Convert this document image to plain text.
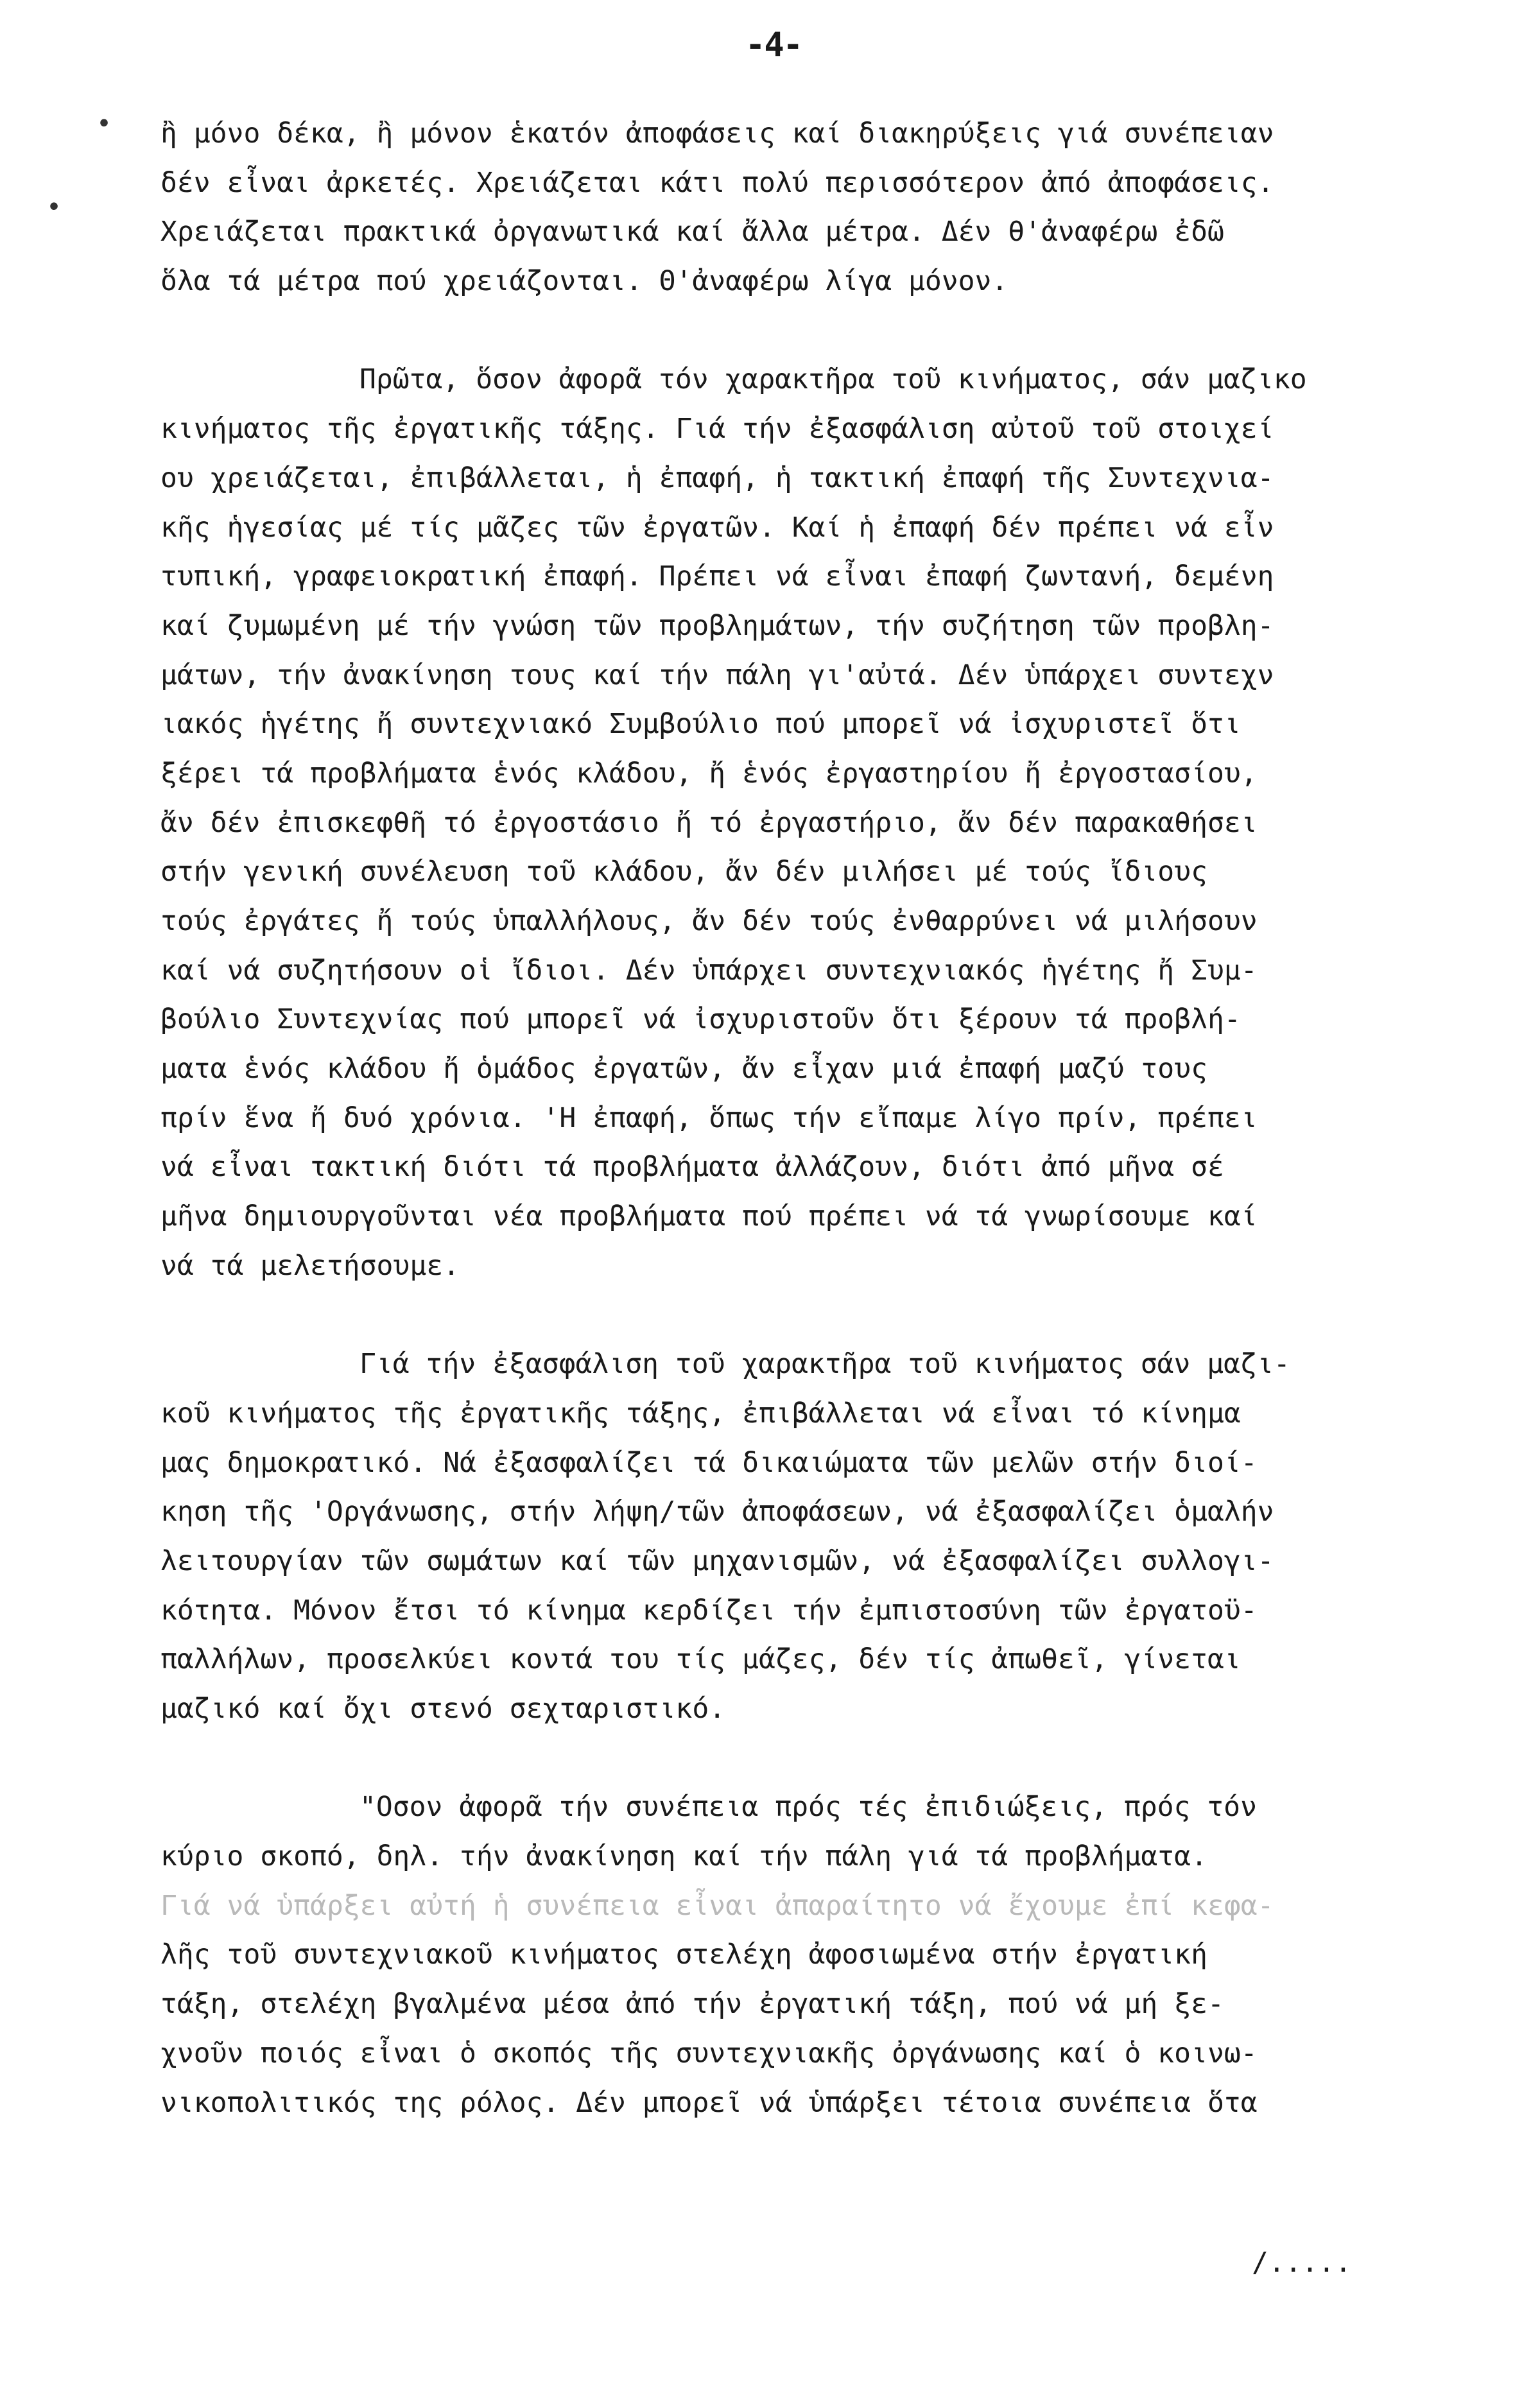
-4-
•
•
ἢ μόνο δέκα, ἢ μόνον ἑκατόν ἀποφάσεις καί διακηρύξεις γιά συνέπειαν
δέν εἶναι ἀρκετές. Χρειάζεται κάτι πολύ περισσότερον ἀπό ἀποφάσεις.
Χρειάζεται πρακτικά ὀργανωτικά καί ἄλλα μέτρα. Δέν θ'ἀναφέρω ἐδῶ
ὅλα τά μέτρα πού χρειάζονται. Θ'ἀναφέρω λίγα μόνον.
Πρῶτα, ὅσον ἀφορᾶ τόν χαρακτῆρα τοῦ κινήματος, σάν μαζικο
κινήματος τῆς ἐργατικῆς τάξης. Γιά τήν ἐξασφάλιση αὐτοῦ τοῦ στοιχεί
ου χρειάζεται, ἐπιβάλλεται, ἡ ἐπαφή, ἡ τακτική ἐπαφή τῆς Συντεχνια-
κῆς ἡγεσίας μέ τίς μᾶζες τῶν ἐργατῶν. Καί ἡ ἐπαφή δέν πρέπει νά εἶν
τυπική, γραφειοκρατική ἐπαφή. Πρέπει νά εἶναι ἐπαφή ζωντανή, δεμένη
καί ζυμωμένη μέ τήν γνώση τῶν προβλημάτων, τήν συζήτηση τῶν προβλη-
μάτων, τήν ἀνακίνηση τους καί τήν πάλη γι'αὐτά. Δέν ὑπάρχει συντεχν
ιακός ἡγέτης ἤ συντεχνιακό Συμβούλιο πού μπορεῖ νά ἰσχυριστεῖ ὅτι
ξέρει τά προβλήματα ἑνός κλάδου, ἤ ἑνός ἐργαστηρίου ἤ ἐργοστασίου,
ἄν δέν ἐπισκεφθῆ τό ἐργοστάσιο ἤ τό ἐργαστήριο, ἄν δέν παρακαθήσει
στήν γενική συνέλευση τοῦ κλάδου, ἄν δέν μιλήσει μέ τούς ἴδιους
τούς ἐργάτες ἤ τούς ὑπαλλήλους, ἄν δέν τούς ἐνθαρρύνει νά μιλήσουν
καί νά συζητήσουν οἱ ἴδιοι. Δέν ὑπάρχει συντεχνιακός ἡγέτης ἤ Συμ-
βούλιο Συντεχνίας πού μπορεῖ νά ἰσχυριστοῦν ὅτι ξέρουν τά προβλή-
ματα ἑνός κλάδου ἤ ὁμάδος ἐργατῶν, ἄν εἶχαν μιά ἐπαφή μαζύ τους
πρίν ἕνα ἤ δυό χρόνια. 'Η ἐπαφή, ὅπως τήν εἴπαμε λίγο πρίν, πρέπει
νά εἶναι τακτική διότι τά προβλήματα ἀλλάζουν, διότι ἀπό μῆνα σέ
μῆνα δημιουργοῦνται νέα προβλήματα πού πρέπει νά τά γνωρίσουμε καί
νά τά μελετήσουμε.
Γιά τήν ἐξασφάλιση τοῦ χαρακτῆρα τοῦ κινήματος σάν μαζι-
κοῦ κινήματος τῆς ἐργατικῆς τάξης, ἐπιβάλλεται νά εἶναι τό κίνημα
μας δημοκρατικό. Νά ἐξασφαλίζει τά δικαιώματα τῶν μελῶν στήν διοί-
κηση τῆς 'Οργάνωσης, στήν λήψη/τῶν ἀποφάσεων, νά ἐξασφαλίζει ὁμαλήν
λειτουργίαν τῶν σωμάτων καί τῶν μηχανισμῶν, νά ἐξασφαλίζει συλλογι-
κότητα. Μόνον ἔτσι τό κίνημα κερδίζει τήν ἐμπιστοσύνη τῶν ἐργατοϋ-
παλλήλων, προσελκύει κοντά του τίς μάζες, δέν τίς ἀπωθεῖ, γίνεται
μαζικό καί ὄχι στενό σεχταριστικό.
"Οσον ἀφορᾶ τήν συνέπεια πρός τές ἐπιδιώξεις, πρός τόν
κύριο σκοπό, δηλ. τήν ἀνακίνηση καί τήν πάλη γιά τά προβλήματα.
Γιά νά ὑπάρξει αὐτή ἡ συνέπεια εἶναι ἀπαραίτητο νά ἔχουμε ἐπί κεφα-
λῆς τοῦ συντεχνιακοῦ κινήματος στελέχη ἀφοσιωμένα στήν ἐργατική
τάξη, στελέχη βγαλμένα μέσα ἀπό τήν ἐργατική τάξη, πού νά μή ξε-
χνοῦν ποιός εἶναι ὁ σκοπός τῆς συντεχνιακῆς ὀργάνωσης καί ὁ κοινω-
νικοπολιτικός της ρόλος. Δέν μπορεῖ νά ὑπάρξει τέτοια συνέπεια ὅτα
/.....
